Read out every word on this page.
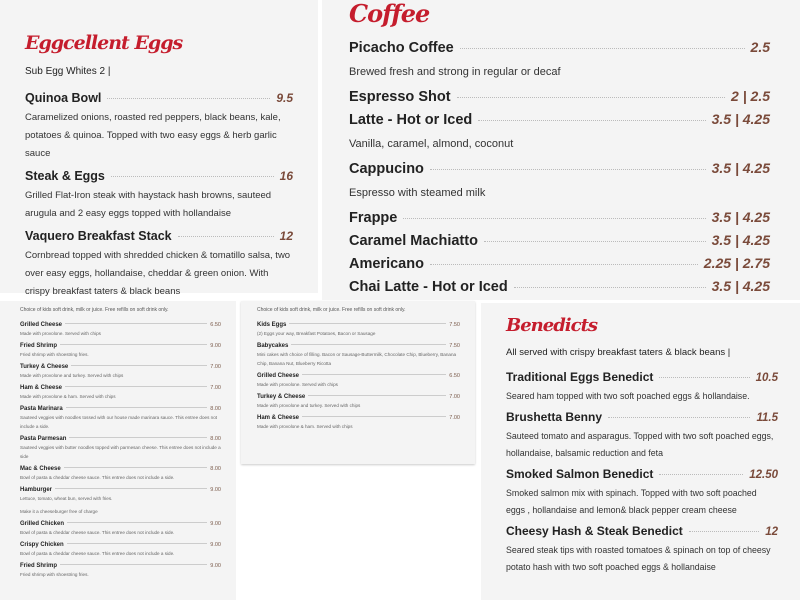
Eggcellent Eggs
Sub Egg Whites 2 |
Quinoa Bowl	9.5
Caramelized onions, roasted red peppers, black beans, kale, potatoes & quinoa. Topped with two easy eggs & herb garlic sauce
Steak & Eggs	16
Grilled Flat-Iron steak with haystack hash browns, sauteed arugula and 2 easy eggs topped with hollandaise
Vaquero Breakfast Stack	12
Cornbread topped with shredded chicken & tomatillo salsa, two over easy eggs, hollandaise, cheddar & green onion. With crispy breakfast taters & black beans
Coffee
Picacho Coffee	2.5
Brewed fresh and strong in regular or decaf
Espresso Shot	2 | 2.5
Latte - Hot or Iced	3.5 | 4.25
Vanilla, caramel, almond, coconut
Cappucino	3.5 | 4.25
Espresso with steamed milk
Frappe	3.5 | 4.25
Caramel Machiatto	3.5 | 4.25
Americano	2.25 | 2.75
Chai Latte - Hot or Iced	3.5 | 4.25
Choice of kids soft drink, milk or juice. Free refills on soft drink only.
Grilled Cheese	6.50
Made with provolone. Served with chips
Fried Shrimp	9.00
Fried shrimp with shoestring fries.
Turkey & Cheese	7.00
Made with provolone and turkey. Served with chips
Ham & Cheese	7.00
Made with provolone & ham. Served with chips
Pasta Marinara	8.00
Sauteed veggies with noodles tossed with our house made marinara sauce. This entree does not include a side.
Pasta Parmesan	8.00
Sauteed veggies with butter noodles topped with parmesan cheese. This entree does not include a side
Mac & Cheese	8.00
Bowl of pasta & cheddar cheese sauce. This entree does not include a side.
Hamburger	9.00
Lettuce, tomato, wheat bun, served with fries.
Make it a cheeseburger free of charge
Grilled Chicken	9.00
Bowl of pasta & cheddar cheese sauce. This entree does not include a side.
Crispy Chicken	9.00
Bowl of pasta & cheddar cheese sauce. This entree does not include a side.
Fried Shrimp	9.00
Fried shrimp with shoestring fries.
Choice of kids soft drink, milk or juice. Free refills on soft drink only.
Kids Eggs	7.50
(2) Eggs your way, Breakfast Potatoes, Bacon or Sausage
Babycakes	7.50
Mini cakes with choice of filling. Bacon or Sausage-Buttermilk, Chocolate Chip, Blueberry, Banana Chip, Banana Nut, Blueberry Ricotta
Grilled Cheese	6.50
Made with provolone. Served with chips
Turkey & Cheese	7.00
Made with provolone and turkey. Served with chips
Ham & Cheese	7.00
Made with provolone & ham. Served with chips
Benedicts
All served with crispy breakfast taters & black beans |
Traditional Eggs Benedict	10.5
Seared ham topped with two soft poached eggs & hollandaise.
Brushetta Benny	11.5
Sauteed tomato and asparagus. Topped with two soft poached eggs, hollandaise, balsamic reduction and feta
Smoked Salmon Benedict	12.50
Smoked salmon mix with spinach. Topped with two soft poached eggs , hollandaise and lemon& black pepper cream cheese
Cheesy Hash & Steak Benedict	12
Seared steak tips with roasted tomatoes & spinach on top of cheesy potato hash with two soft poached eggs & hollandaise
